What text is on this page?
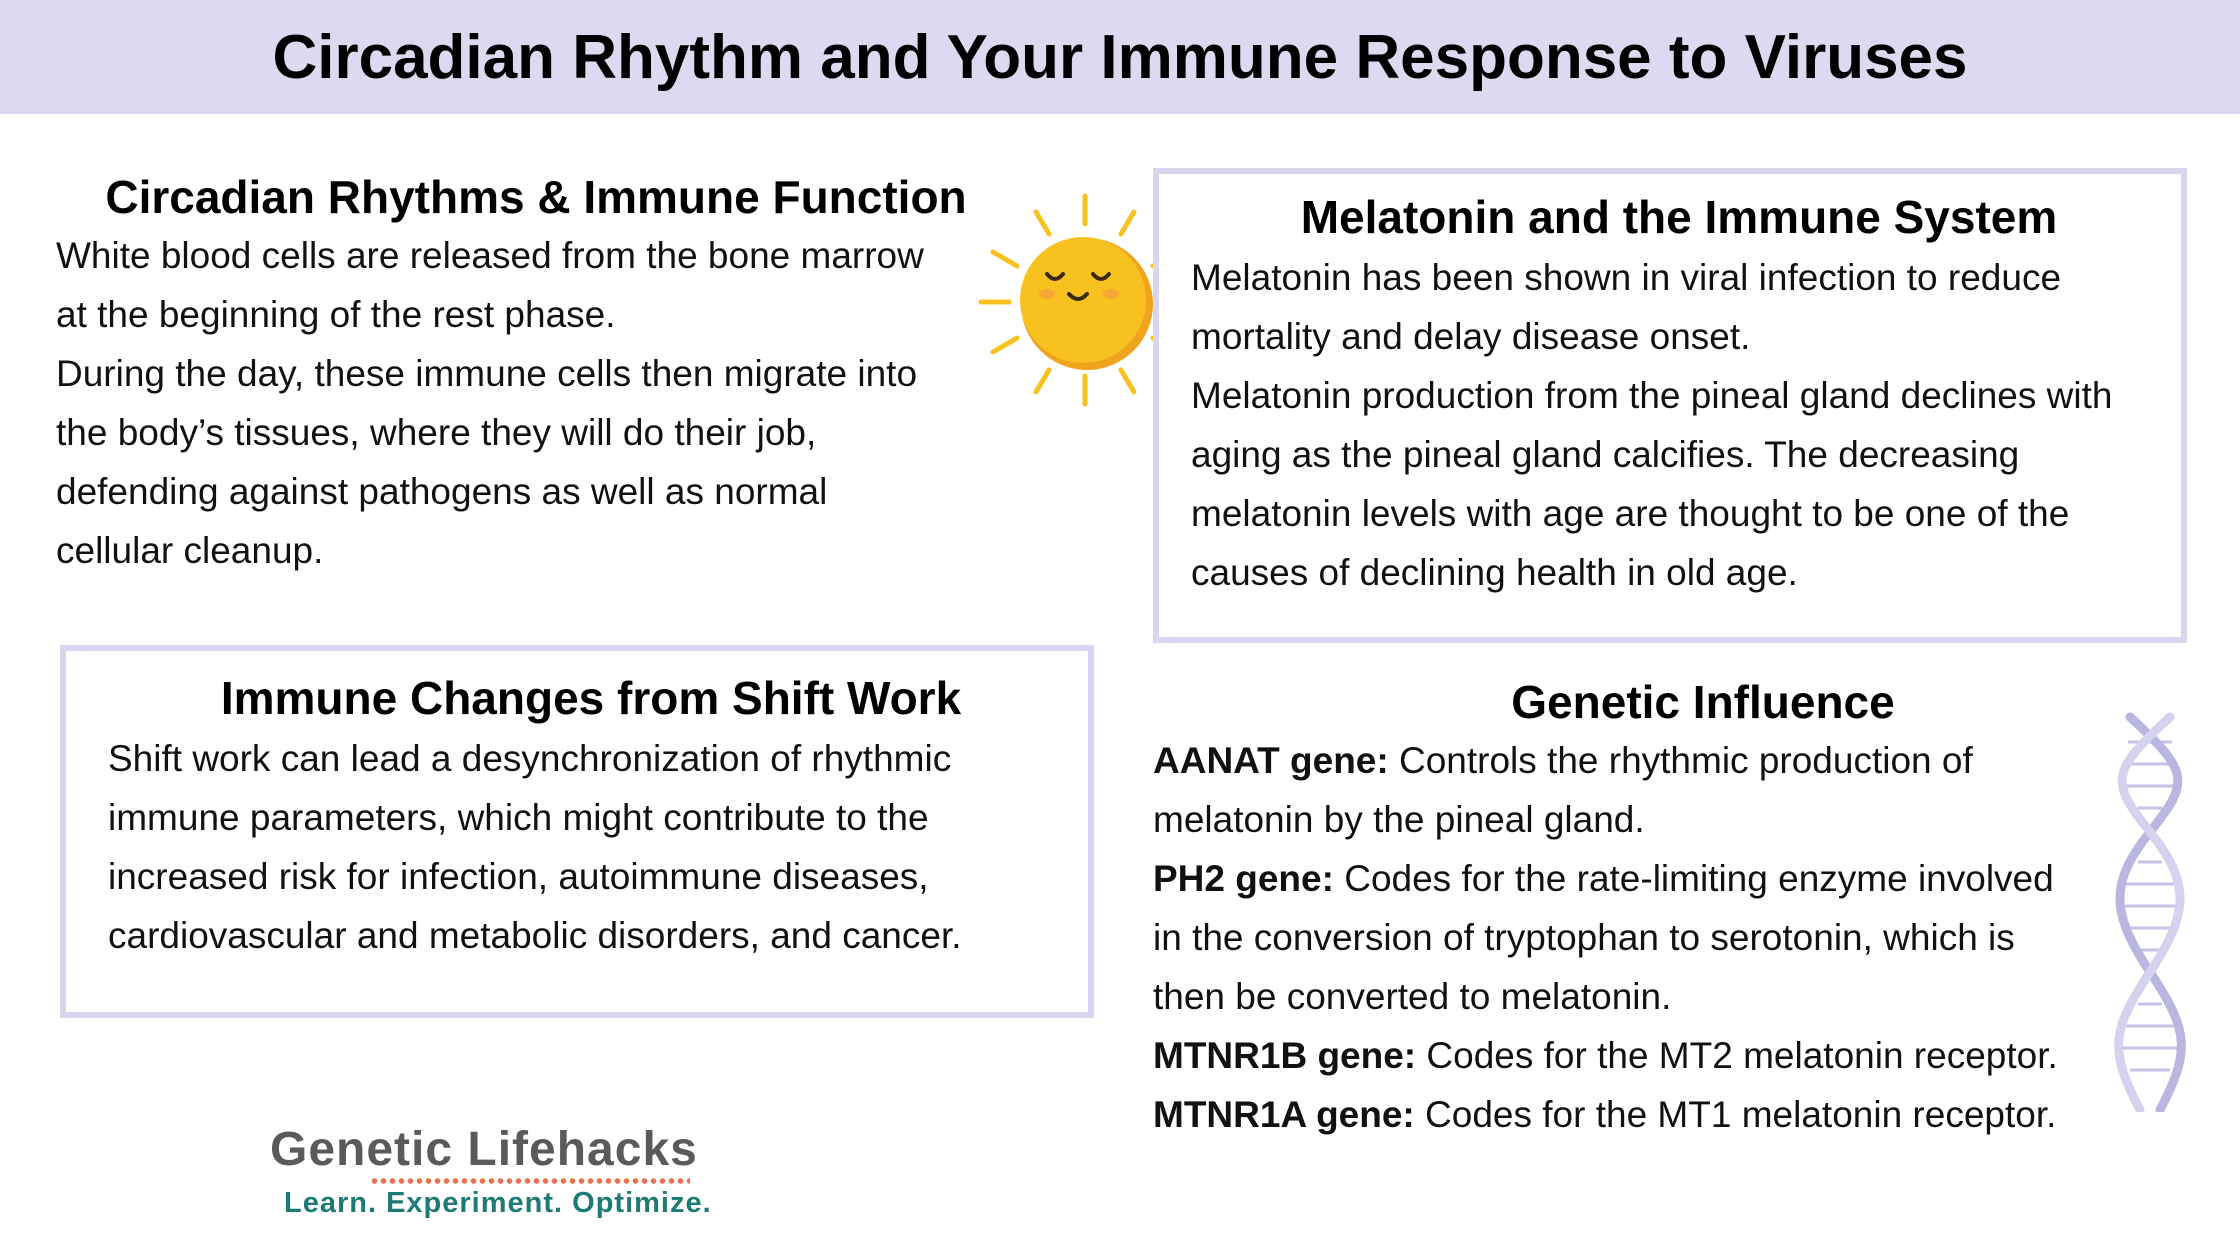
Circadian Rhythm and Your Immune Response to Viruses
Circadian Rhythms & Immune Function

White blood cells are released from the bone marrow
at the beginning of the rest phase.
During the day, these immune cells then migrate into
the body’s tissues, where they will do their job,
defending against pathogens as well as normal
cellular cleanup.

Melatonin and the Immune System

Melatonin has been shown in viral infection to reduce
mortality and delay disease onset.
Melatonin production from the pineal gland declines with
aging as the pineal gland calcifies. The decreasing
melatonin levels with age are thought to be one of the
causes of declining health in old age.

Immune Changes from Shift Work

Shift work can lead a desynchronization of rhythmic
immune parameters, which might contribute to the
increased risk for infection, autoimmune diseases,
cardiovascular and metabolic disorders, and cancer.

Genetic Influence

AANAT gene: Controls the rhythmic production of
melatonin by the pineal gland.
PH2 gene: Codes for the rate-limiting enzyme involved
in the conversion of tryptophan to serotonin, which is
then be converted to melatonin.
MTNR1B gene: Codes for the MT2 melatonin receptor.
MTNR1A gene: Codes for the MT1 melatonin receptor.

Genetic Lifehacks
Learn. Experiment. Optimize.
